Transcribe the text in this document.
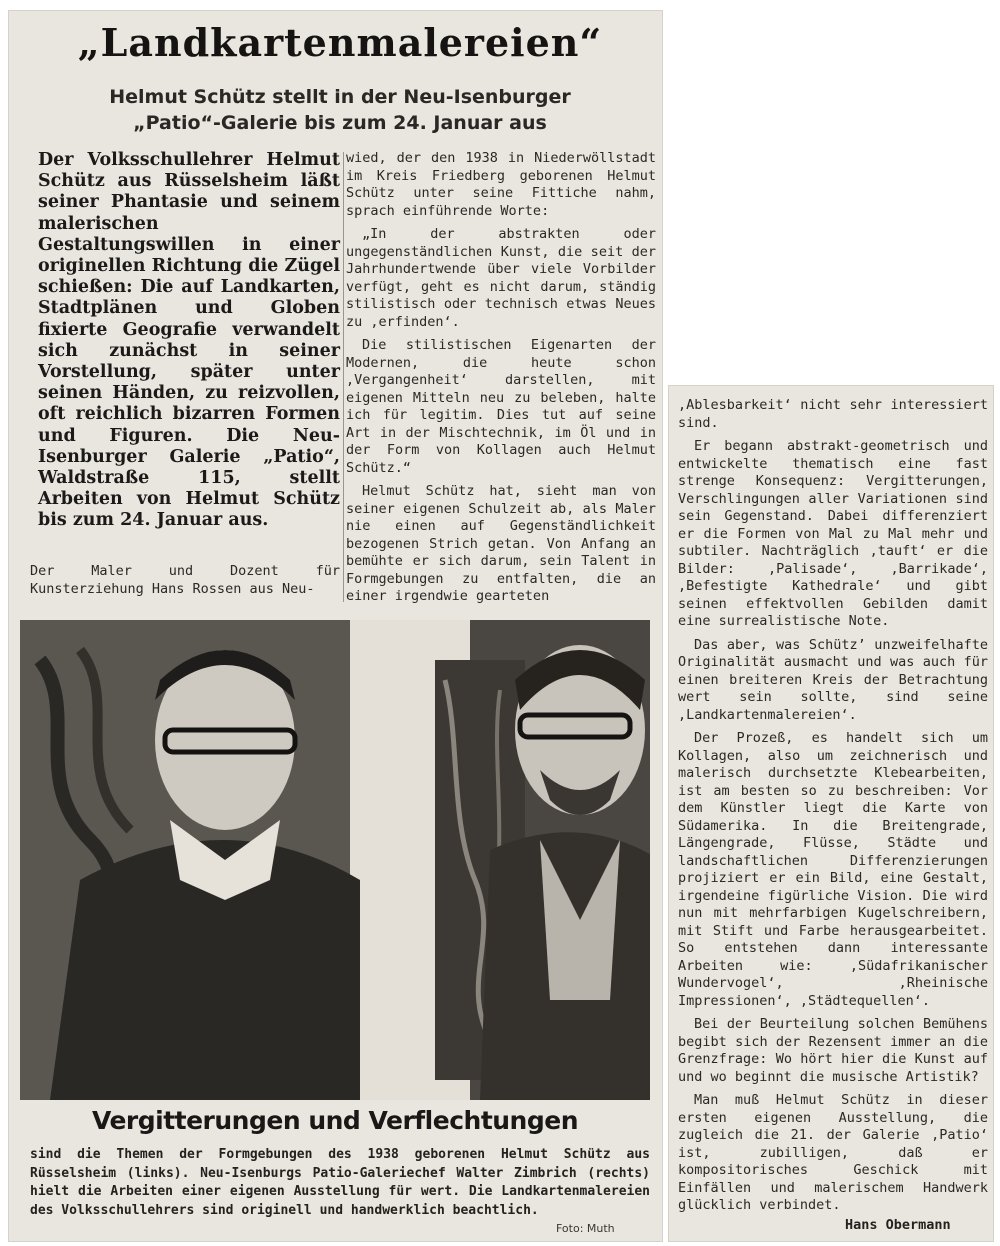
„Landkartenmalereien“
Helmut Schütz stellt in der Neu-Isenburger
„Patio“-Galerie bis zum 24. Januar aus
Der Volksschullehrer Helmut Schütz aus Rüsselsheim läßt seiner Phantasie und seinem malerischen Gestaltungswillen in einer originellen Richtung die Zügel schießen: Die auf Landkarten, Stadtplänen und Globen fixierte Geografie verwandelt sich zunächst in seiner Vorstellung, später unter seinen Händen, zu reizvollen, oft reichlich bizarren Formen und Figuren. Die Neu-Isenburger Galerie „Patio“, Waldstraße 115, stellt Arbeiten von Helmut Schütz bis zum 24. Januar aus.
Der Maler und Dozent für Kunsterziehung Hans Rossen aus Neu-

wied, der den 1938 in Niederwöllstadt im Kreis Friedberg geborenen Helmut Schütz unter seine Fittiche nahm, sprach einführende Worte:

„In der abstrakten oder ungegenständlichen Kunst, die seit der Jahrhundertwende über viele Vorbilder verfügt, geht es nicht darum, ständig stilistisch oder technisch etwas Neues zu ‚erfinden‘.

Die stilistischen Eigenarten der Modernen, die heute schon ‚Vergangenheit‘ darstellen, mit eigenen Mitteln neu zu beleben, halte ich für legitim. Dies tut auf seine Art in der Mischtechnik, im Öl und in der Form von Kollagen auch Helmut Schütz.“

Helmut Schütz hat, sieht man von seiner eigenen Schulzeit ab, als Maler nie einen auf Gegenständlichkeit bezogenen Strich getan. Von Anfang an bemühte er sich darum, sein Talent in Formgebungen zu entfalten, die an einer irgendwie gearteten

Vergitterungen und Verflechtungen
sind die Themen der Formgebungen des 1938 geborenen Helmut Schütz aus Rüsselsheim (links). Neu-Isenburgs Patio-Galeriechef Walter Zimbrich (rechts) hielt die Arbeiten einer eigenen Ausstellung für wert. Die Landkartenmalereien des Volksschullehrers sind originell und handwerklich beachtlich.
Foto: Muth

‚Ablesbarkeit‘ nicht sehr interessiert sind.

Er begann abstrakt-geometrisch und entwickelte thematisch eine fast strenge Konsequenz: Vergitterungen, Verschlingungen aller Variationen sind sein Gegenstand. Dabei differenziert er die Formen von Mal zu Mal mehr und subtiler. Nachträglich ‚tauft‘ er die Bilder: ‚Palisade‘, ‚Barrikade‘, ‚Befestigte Kathedrale‘ und gibt seinen effektvollen Gebilden damit eine surrealistische Note.

Das aber, was Schütz’ unzweifelhafte Originalität ausmacht und was auch für einen breiteren Kreis der Betrachtung wert sein sollte, sind seine ‚Landkartenmalereien‘.

Der Prozeß, es handelt sich um Kollagen, also um zeichnerisch und malerisch durchsetzte Klebearbeiten, ist am besten so zu beschreiben: Vor dem Künstler liegt die Karte von Südamerika. In die Breitengrade, Längengrade, Flüsse, Städte und landschaftlichen Differenzierungen projiziert er ein Bild, eine Gestalt, irgendeine figürliche Vision. Die wird nun mit mehrfarbigen Kugelschreibern, mit Stift und Farbe herausgearbeitet. So entstehen dann interessante Arbeiten wie: ‚Südafrikanischer Wundervogel‘, ‚Rheinische Impressionen‘, ‚Städtequellen‘.

Bei der Beurteilung solchen Bemühens begibt sich der Rezensent immer an die Grenzfrage: Wo hört hier die Kunst auf und wo beginnt die musische Artistik?

Man muß Helmut Schütz in dieser ersten eigenen Ausstellung, die zugleich die 21. der Galerie ‚Patio‘ ist, zubilligen, daß er kompositorisches Geschick mit Einfällen und malerischem Handwerk glücklich verbindet.

Hans Obermann
